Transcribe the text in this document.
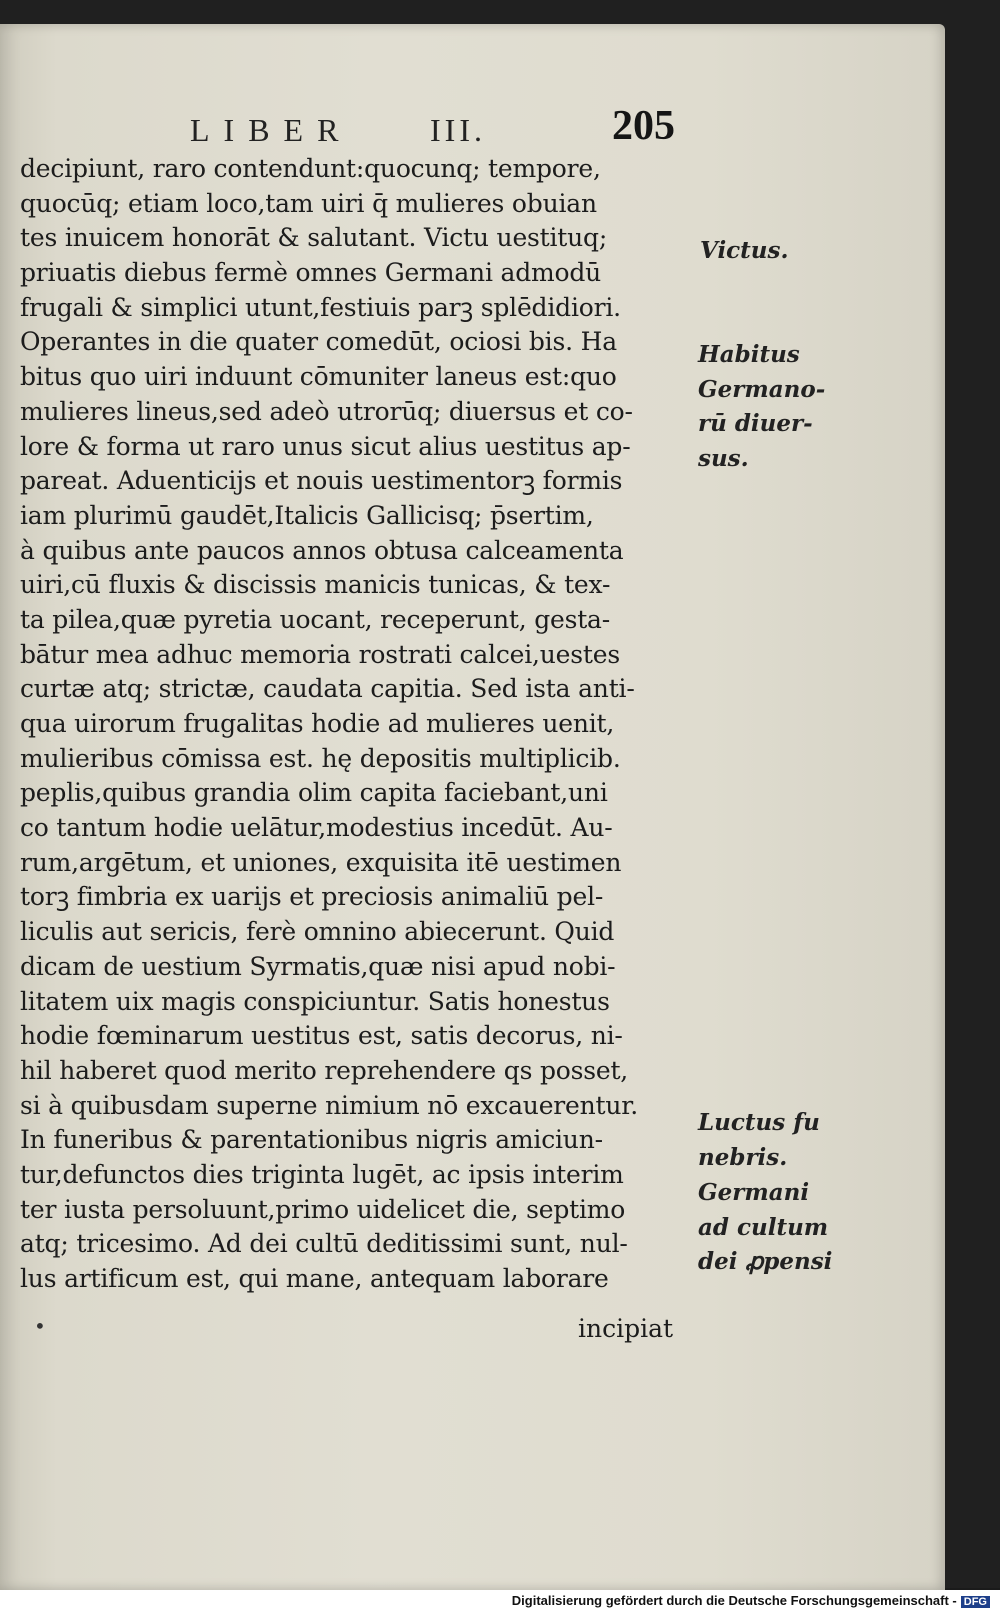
LIBER III.	205
decipiunt, raro contendunt:quocunq; tempore,
quocūq; etiam loco,tam uiri q̄ mulieres obuian
tes inuicem honorāt & salutant. Victu uestituq;
priuatis diebus fermè omnes Germani admodū
frugali & simplici utunt,festiuis parꝫ splēdidiori.
Operantes in die quater comedūt, ociosi bis. Ha
bitus quo uiri induunt cōmuniter laneus est:quo
mulieres lineus,sed adeò utrorūq; diuersus et co-
lore & forma ut raro unus sicut alius uestitus ap-
pareat. Aduenticijs et nouis uestimentorꝫ formis
iam plurimū gaudēt,Italicis Gallicisq; p̄sertim,
à quibus ante paucos annos obtusa calceamenta
uiri,cū fluxis & discissis manicis tunicas, & tex-
ta pilea,quæ pyretia uocant, receperunt, gesta-
bātur mea adhuc memoria rostrati calcei,uestes
curtæ atq; strictæ, caudata capitia. Sed ista anti-
qua uirorum frugalitas hodie ad mulieres uenit,
mulieribus cōmissa est. hę depositis multiplicib.
peplis,quibus grandia olim capita faciebant,uni
co tantum hodie uelātur,modestius incedūt. Au-
rum,argētum, et uniones, exquisita itē uestimen
torꝫ fimbria ex uarijs et preciosis animaliū pel-
liculis aut sericis, ferè omnino abiecerunt. Quid
dicam de uestium Syrmatis,quæ nisi apud nobi-
litatem uix magis conspiciuntur. Satis honestus
hodie fœminarum uestitus est, satis decorus, ni-
hil haberet quod merito reprehendere qs posset,
si à quibusdam superne nimium nō excauerentur.
In funeribus & parentationibus nigris amiciun-
tur,defunctos dies triginta lugēt, ac ipsis interim
ter iusta persoluunt,primo uidelicet die, septimo
atq; tricesimo. Ad dei cultū deditissimi sunt, nul-
lus artificum est, qui mane, antequam laborare
•	incipiat
Victus.
Habitus
Germano-
rū diuer-
sus.
Luctus fu
nebris.
Germani
ad cultum
dei ꝓpensi
Digitalisierung gefördert durch die Deutsche Forschungsgemeinschaft - DFG
